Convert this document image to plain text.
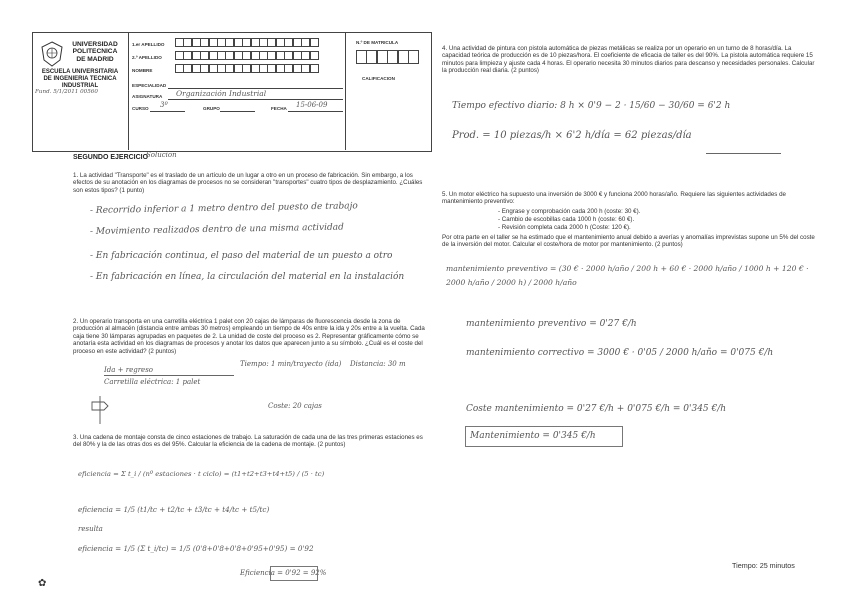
UNIVERSIDAD
POLITECNICA
DE MADRID
ESCUELA UNIVERSITARIA
DE INGENIERIA TECNICA
INDUSTRIAL
Fund. 5/1/2011 00560
1.er APELLIDO
2.º APELLIDO
NOMBRE
ESPECIALIDAD
ASIGNATURA Organización Industrial
CURSO 3º	GRUPO	FECHA 15-06-09
N.º DE MATRICULA
CALIFICACION
SEGUNDO EJERCICIO
Solucion
1. La actividad "Transporte" es el traslado de un artículo de un lugar a otro en un proceso de fabricación. Sin embargo, a los efectos de su anotación en los diagramas de procesos no se consideran "transportes" cuatro tipos de desplazamiento. ¿Cuáles son estos tipos? (1 punto)
- Recorrido inferior a 1 metro dentro del puesto de trabajo
- Movimiento realizados dentro de una misma actividad
- En fabricación continua, el paso del material de un puesto a otro
- En fabricación en línea, la circulación del material en la instalación
2. Un operario transporta en una carretilla eléctrica 1 palet con 20 cajas de lámparas de fluorescencia desde la zona de producción al almacén (distancia entre ambas 30 metros) empleando un tiempo de 40s entre la ida y 20s entre a la vuelta. Cada caja tiene 30 lámparas agrupadas en paquetes de 2. La unidad de coste del proceso es 2. Representar gráficamente cómo se anotaría esta actividad en los diagramas de procesos y anotar los datos que aparecen junto a su símbolo. ¿Cuál es el coste del proceso en este actividad? (2 puntos)
Ida + regreso
Carretilla eléctrica: 1 palet
Tiempo: 1 min/trayecto (ida) Distancia: 30 m
Coste: 20 cajas
3. Una cadena de montaje consta de cinco estaciones de trabajo. La saturación de cada una de las tres primeras estaciones es del 80% y la de las otras dos es del 95%. Calcular la eficiencia de la cadena de montaje. (2 puntos)
eficiencia = Σ t_i / (nº estaciones · t ciclo) = (t1+t2+t3+t4+t5) / (5 · tc)
eficiencia = 1/5 (t1/tc + t2/tc + t3/tc + t4/tc + t5/tc)
resulta
eficiencia = 1/5 (Σ t_i/tc) = 1/5 (0'8+0'8+0'8+0'95+0'95) = 0'92
Eficiencia = 0'92 = 92%
✿
4. Una actividad de pintura con pistola automática de piezas metálicas se realiza por un operario en un turno de 8 horas/día. La capacidad teórica de producción es de 10 piezas/hora. El coeficiente de eficacia de taller es del 90%. La pistola automática requiere 15 minutos para limpieza y ajuste cada 4 horas. El operario necesita 30 minutos diarios para descanso y necesidades personales. Calcular la producción real diaria. (2 puntos)
Tiempo efectivo diario: 8 h × 0'9 − 2 · 15/60 − 30/60 = 6'2 h
Prod. = 10 piezas/h × 6'2 h/día = 62 piezas/día
5. Un motor eléctrico ha supuesto una inversión de 3000 € y funciona 2000 horas/año. Requiere las siguientes actividades de mantenimiento preventivo:
- Engrase y comprobación cada 200 h (coste: 30 €).
- Cambio de escobillas cada 1000 h (coste: 60 €).
- Revisión completa cada 2000 h (Coste: 120 €).
Por otra parte en el taller se ha estimado que el mantenimiento anual debido a averías y anomalías imprevistas supone un 5% del coste de la inversión del motor. Calcular el coste/hora de motor por mantenimiento. (2 puntos)
mantenimiento preventivo = (30 € · 2000 h/año / 200 h + 60 € · 2000 h/año / 1000 h + 120 € · 2000 h/año / 2000 h) / 2000 h/año
mantenimiento preventivo = 0'27 €/h
mantenimiento correctivo = 3000 € · 0'05 / 2000 h/año = 0'075 €/h
Coste mantenimiento = 0'27 €/h + 0'075 €/h = 0'345 €/h
Mantenimiento = 0'345 €/h
Tiempo: 25 minutos
